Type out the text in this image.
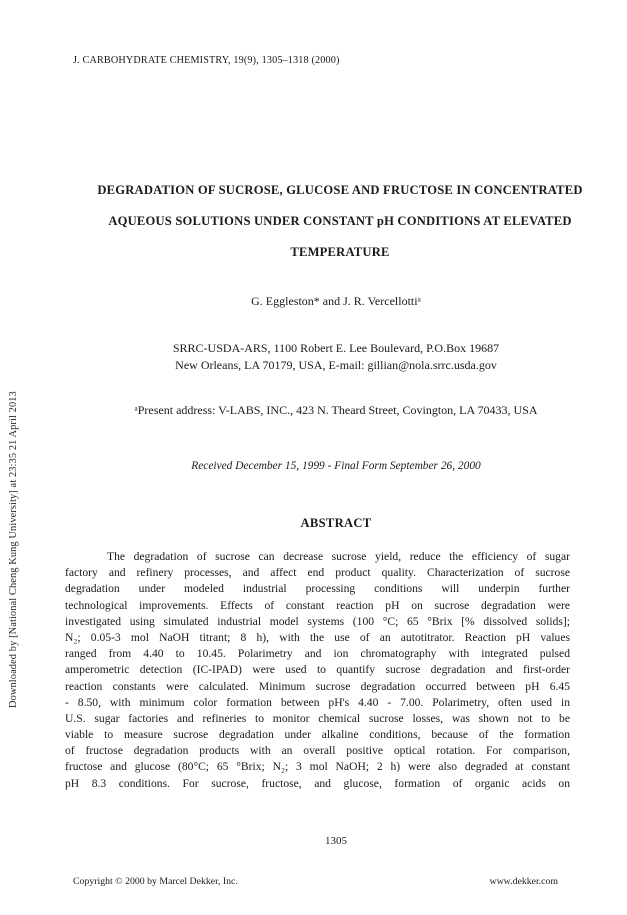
Downloaded by [National Cheng Kung University] at 23:35 21 April 2013
J. CARBOHYDRATE CHEMISTRY, 19(9), 1305–1318 (2000)
DEGRADATION OF SUCROSE, GLUCOSE AND FRUCTOSE IN CONCENTRATED
AQUEOUS SOLUTIONS UNDER CONSTANT pH CONDITIONS AT ELEVATED
TEMPERATURE
G. Eggleston* and J. R. Vercellottiᵃ
SRRC-USDA-ARS, 1100 Robert E. Lee Boulevard, P.O.Box 19687
New Orleans, LA 70179, USA, E-mail: gillian@nola.srrc.usda.gov
ᵃPresent address: V-LABS, INC., 423 N. Theard Street, Covington, LA 70433, USA
Received December 15, 1999 - Final Form September 26, 2000
ABSTRACT
The degradation of sucrose can decrease sucrose yield, reduce the efficiency of sugar
factory and refinery processes, and affect end product quality. Characterization of sucrose
degradation under modeled industrial processing conditions will underpin further
technological improvements. Effects of constant reaction pH on sucrose degradation were
investigated using simulated industrial model systems (100 °C; 65 °Brix [% dissolved solids];
N₂; 0.05-3 mol NaOH titrant; 8 h), with the use of an autotitrator. Reaction pH values
ranged from 4.40 to 10.45. Polarimetry and ion chromatography with integrated pulsed
amperometric detection (IC-IPAD) were used to quantify sucrose degradation and first-order
reaction constants were calculated. Minimum sucrose degradation occurred between pH 6.45
- 8.50, with minimum color formation between pH's 4.40 - 7.00. Polarimetry, often used in
U.S. sugar factories and refineries to monitor chemical sucrose losses, was shown not to be
viable to measure sucrose degradation under alkaline conditions, because of the formation
of fructose degradation products with an overall positive optical rotation. For comparison,
fructose and glucose (80°C; 65 °Brix; N₂; 3 mol NaOH; 2 h) were also degraded at constant
pH 8.3 conditions. For sucrose, fructose, and glucose, formation of organic acids on
1305
Copyright © 2000 by Marcel Dekker, Inc.	www.dekker.com
